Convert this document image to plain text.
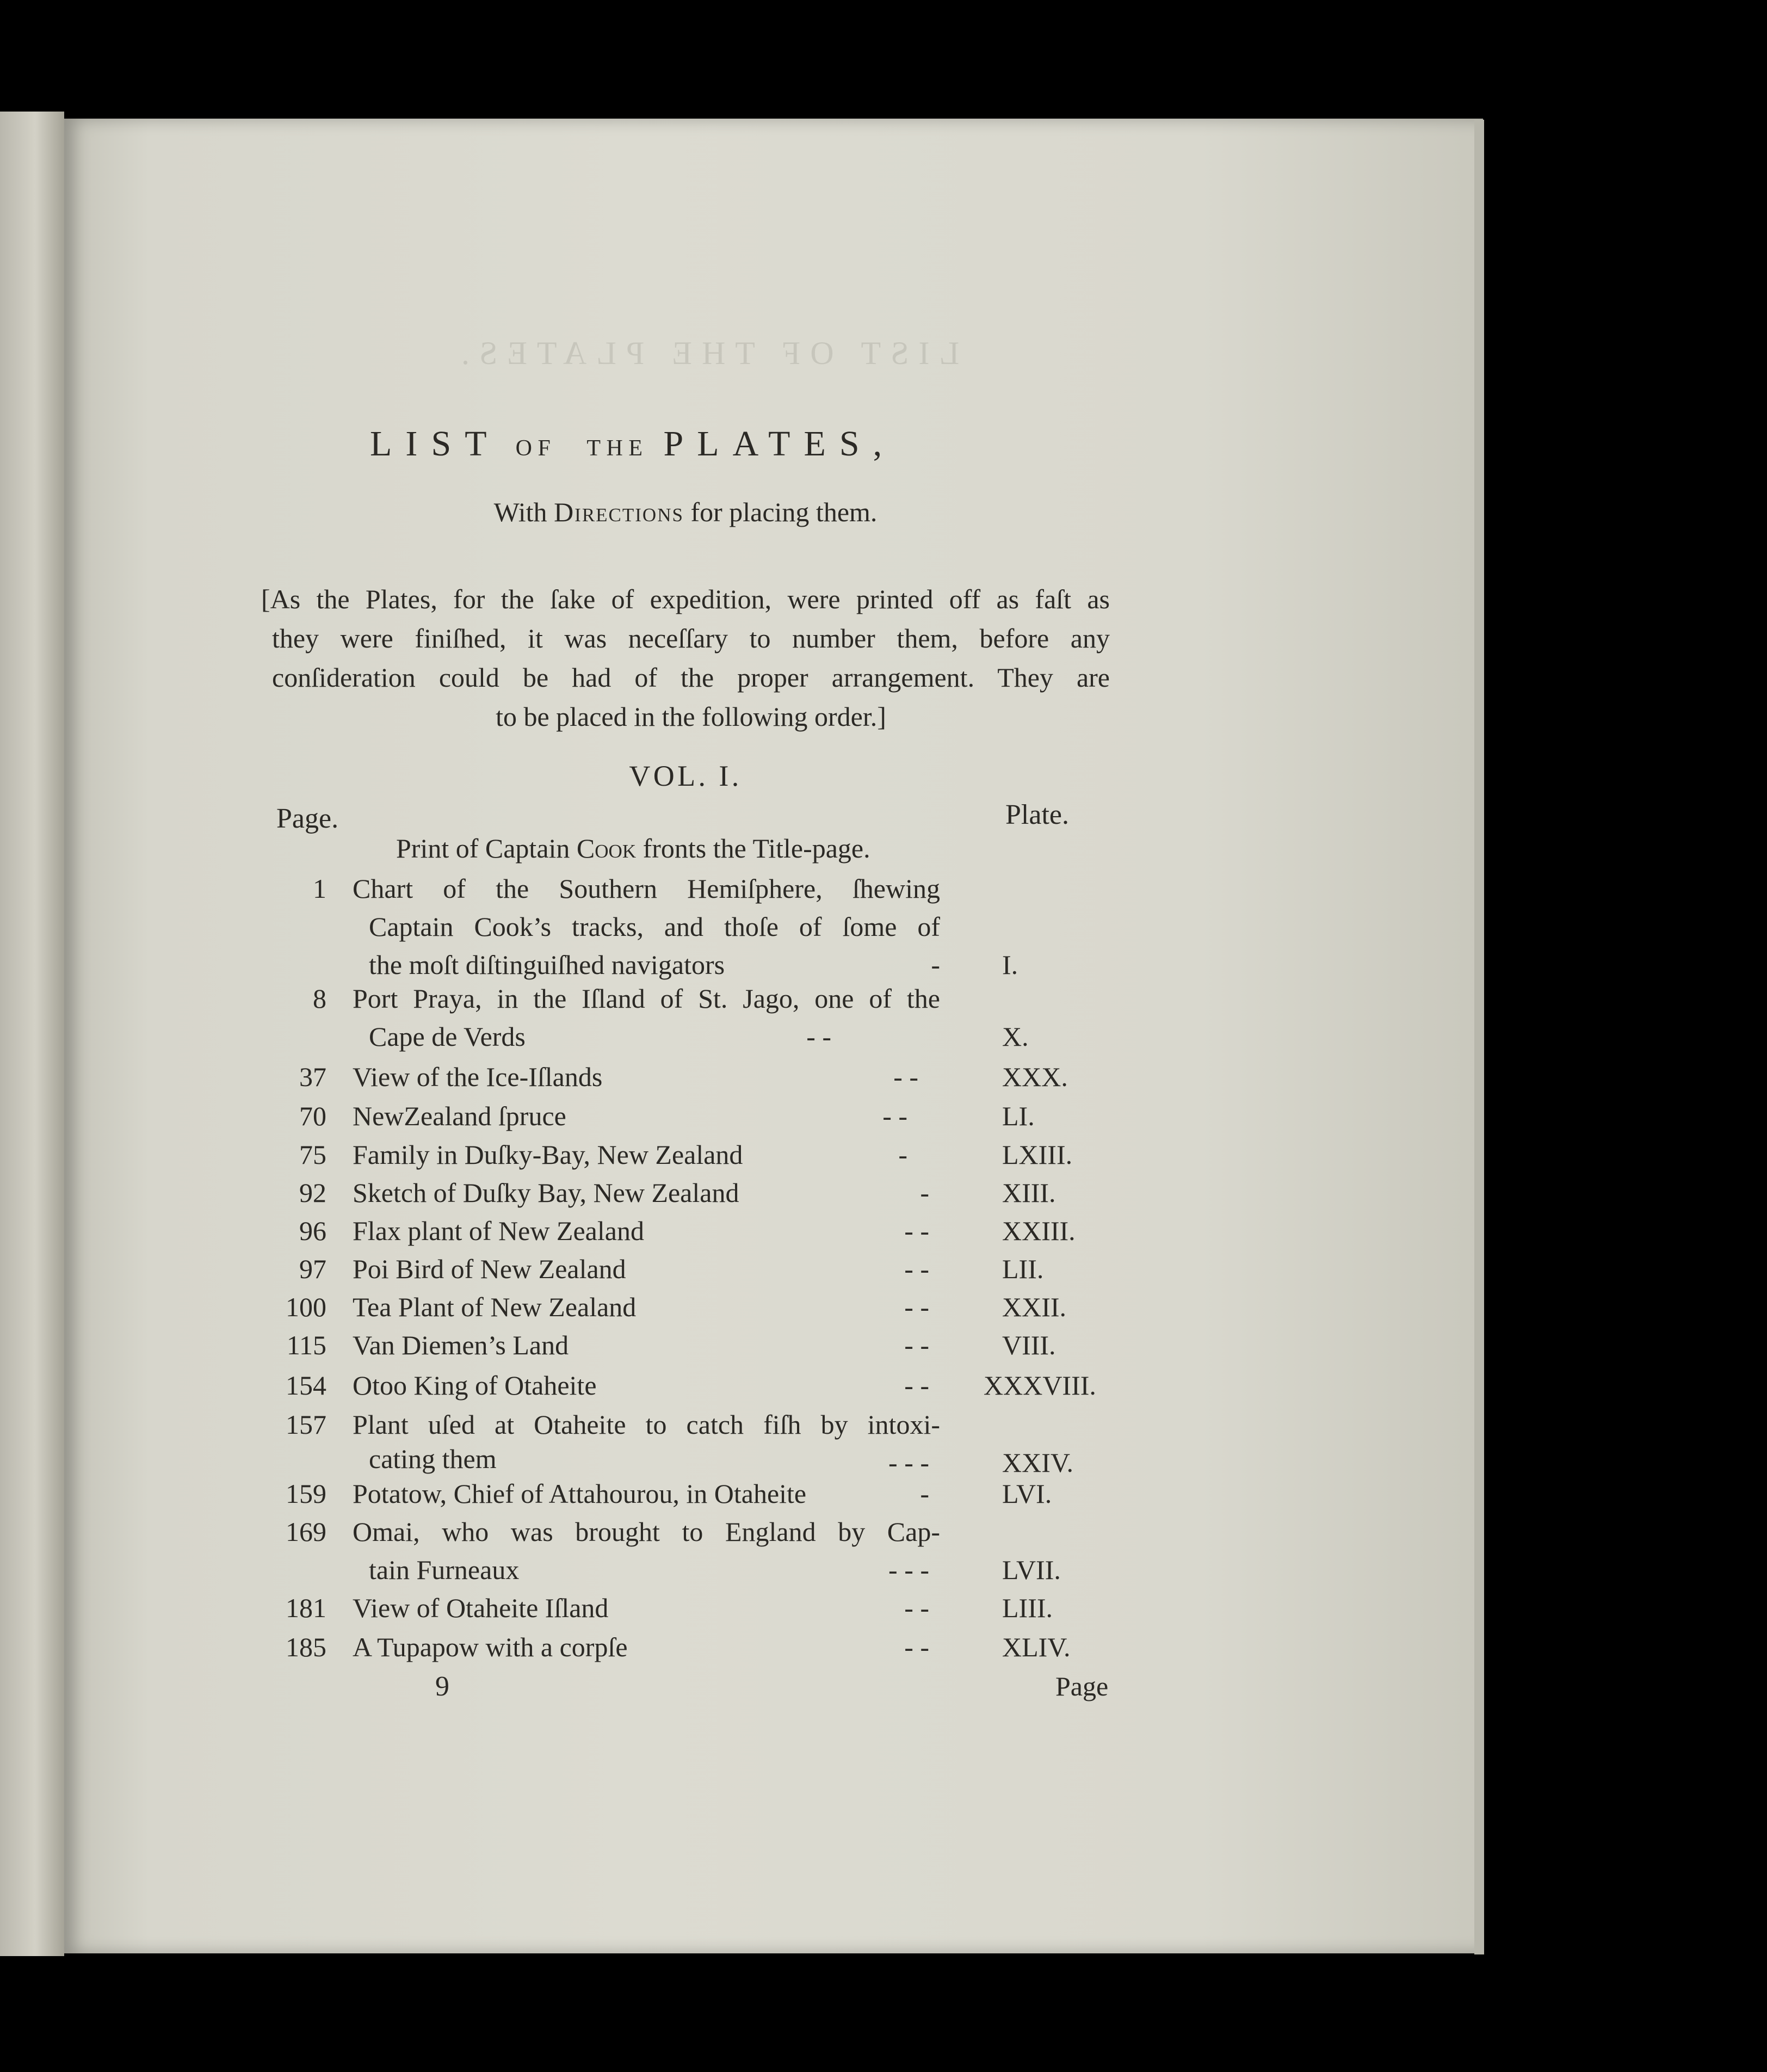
LIST OF THE PLATES.
LIST OF THE PLATES,
With Directions for placing them.
[As the Plates, for the ſake of expedition, were printed off as faſt as
they were finiſhed, it was neceſſary to number them, before any
conſideration could be had of the proper arrangement. They are
to be placed in the following order.]
VOL. I.
Page.	Plate.
Print of Captain Cook fronts the Title-page.
1 Chart of the Southern Hemiſphere, ſhewing
Captain Cook’s tracks, and thoſe of ſome of
the moſt diſtinguiſhed navigators	- I.
8 Port Praya, in the Iſland of St. Jago, one of the
Cape de Verds	- -	X.
37 View of the Ice-Iſlands	- -	XXX.
70 NewZealand ſpruce	- -	LI.
75 Family in Duſky-Bay, New Zealand	-	LXIII.
92 Sketch of Duſky Bay, New Zealand	-	XIII.
96 Flax plant of New Zealand	- -	XXIII.
97 Poi Bird of New Zealand	- -	LII.
100 Tea Plant of New Zealand	- -	XXII.
115 Van Diemen’s Land	- -	VIII.
154 Otoo King of Otaheite	- - XXXVIII.
157 Plant uſed at Otaheite to catch fiſh by intoxi-
cating them	- - -	XXIV.
159 Potatow, Chief of Attahourou, in Otaheite	-	LVI.
169 Omai, who was brought to England by Cap-
tain Furneaux	- - -	LVII.
181 View of Otaheite Iſland	- -	LIII.
185 A Tupapow with a corpſe	- -	XLIV.
9	Page
